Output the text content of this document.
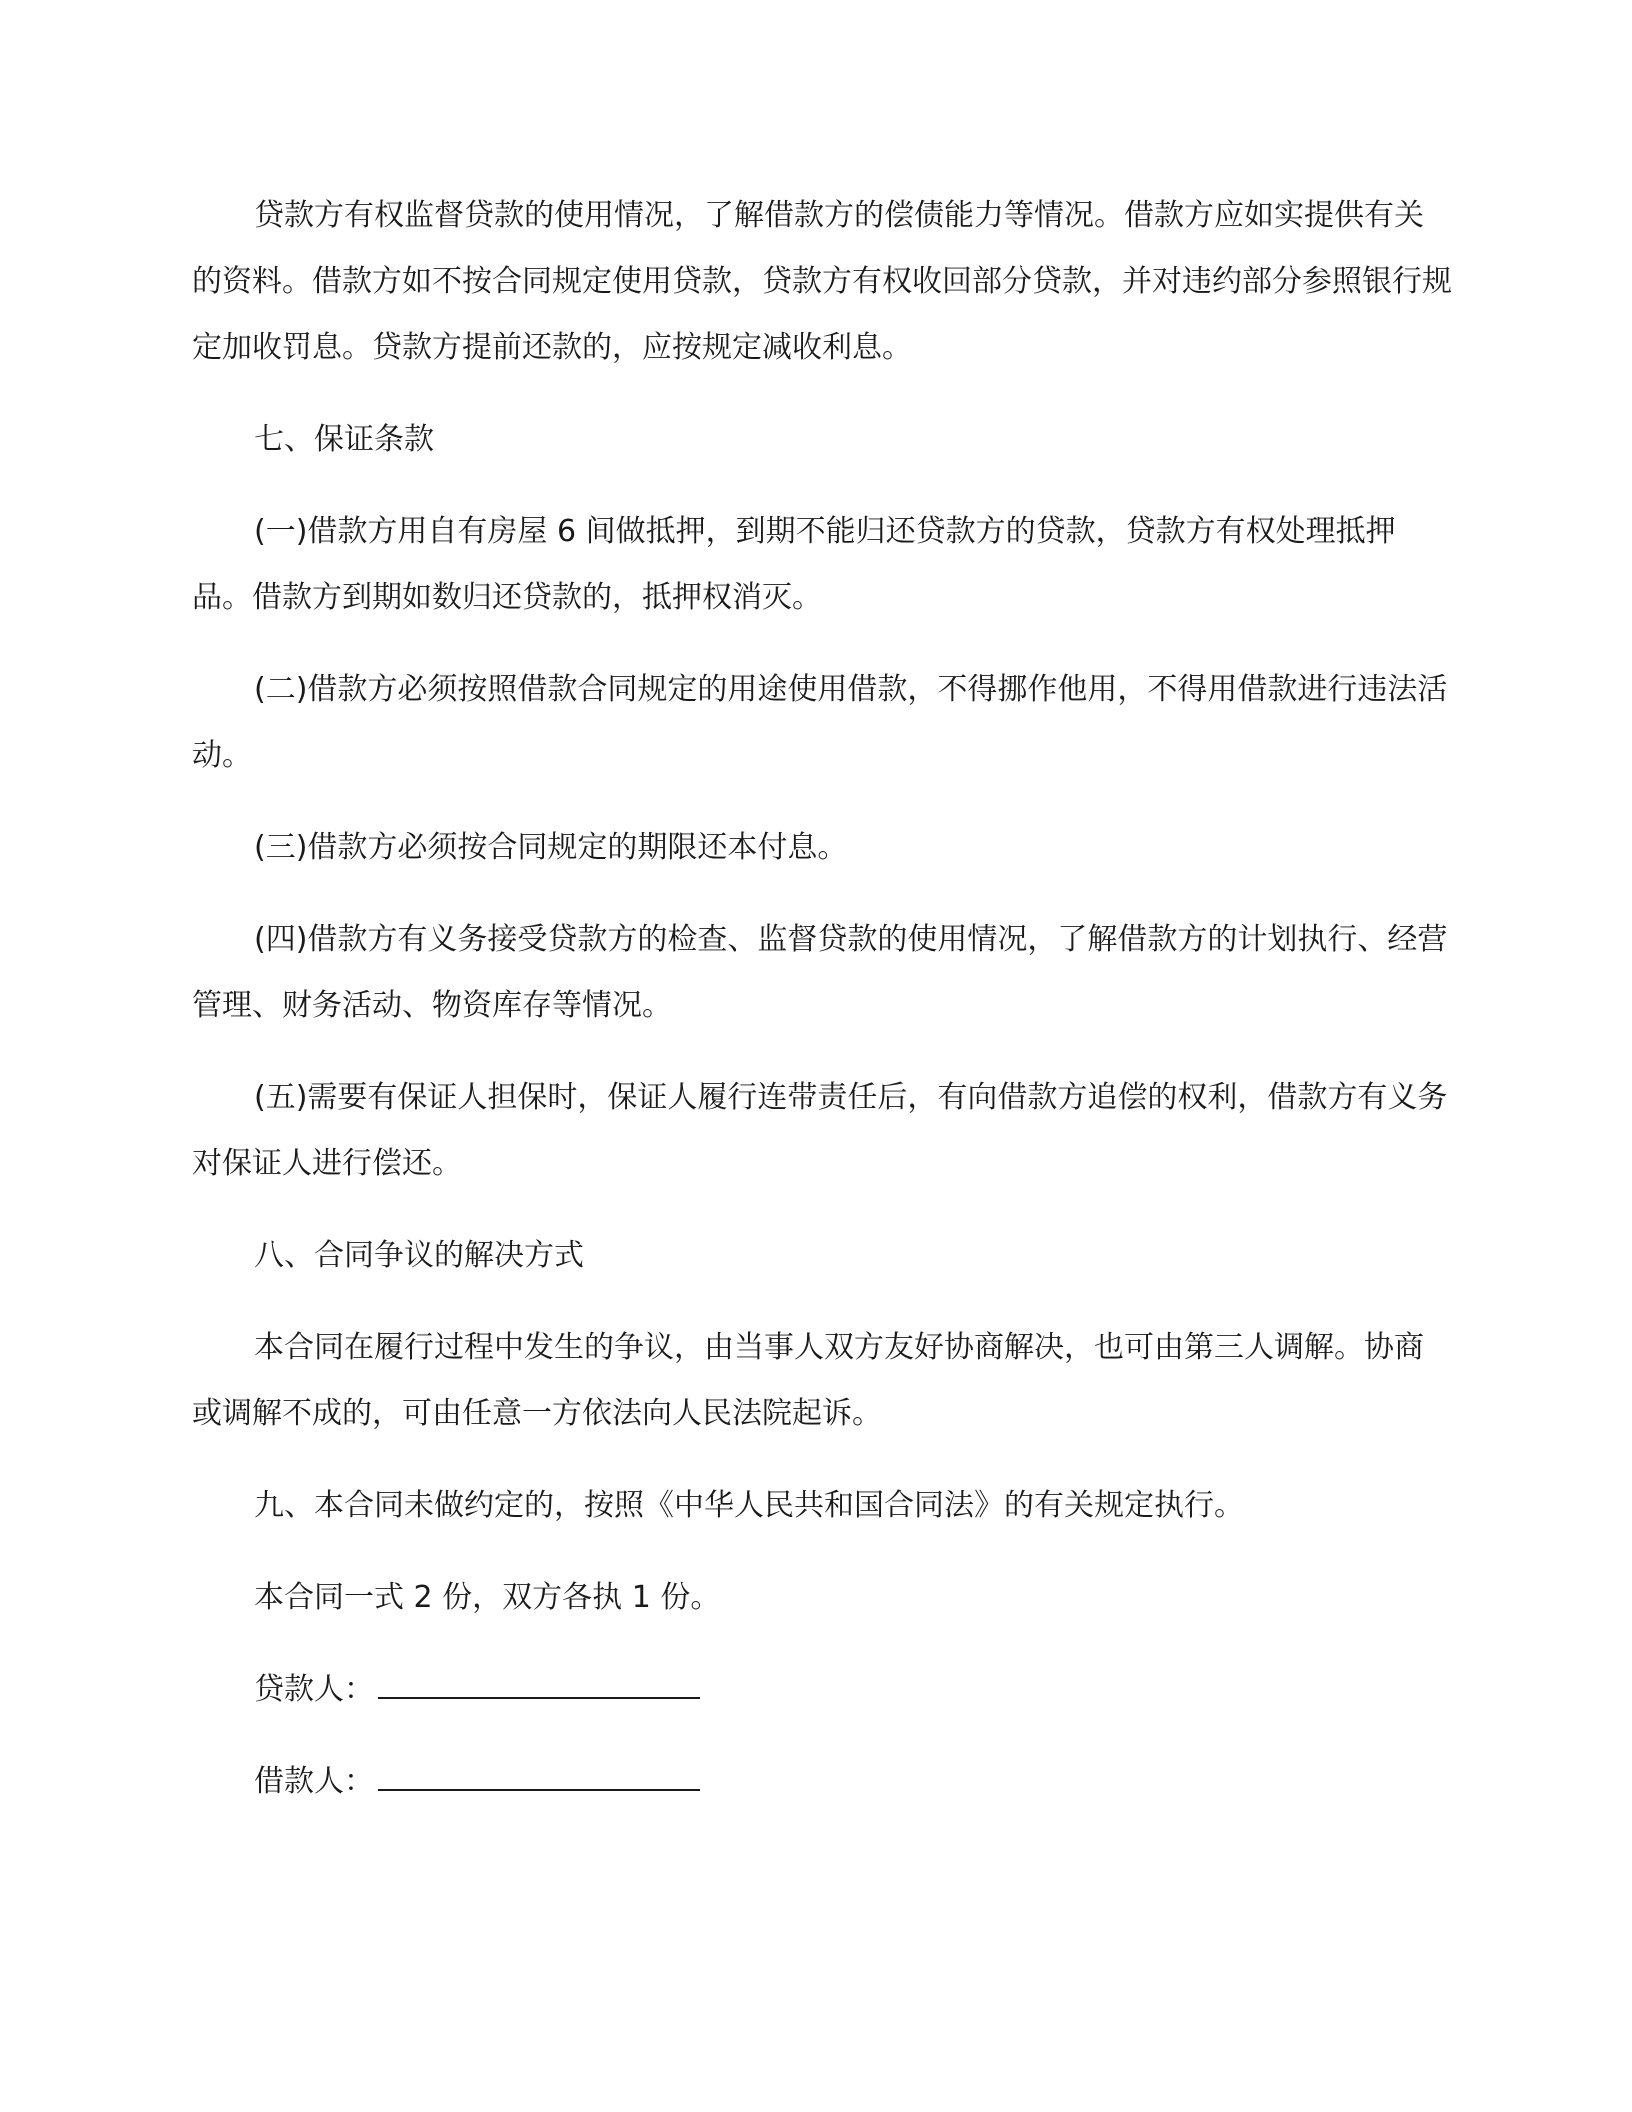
贷款方有权监督贷款的使用情况，了解借款方的偿债能力等情况。借款方应如实提供有关的资料。借款方如不按合同规定使用贷款，贷款方有权收回部分贷款，并对违约部分参照银行规定加收罚息。贷款方提前还款的，应按规定减收利息。

七、保证条款

(一)借款方用自有房屋 6 间做抵押，到期不能归还贷款方的贷款，贷款方有权处理抵押品。借款方到期如数归还贷款的，抵押权消灭。

(二)借款方必须按照借款合同规定的用途使用借款，不得挪作他用，不得用借款进行违法活动。

(三)借款方必须按合同规定的期限还本付息。

(四)借款方有义务接受贷款方的检查、监督贷款的使用情况，了解借款方的计划执行、经营管理、财务活动、物资库存等情况。

(五)需要有保证人担保时，保证人履行连带责任后，有向借款方追偿的权利，借款方有义务对保证人进行偿还。

八、合同争议的解决方式

本合同在履行过程中发生的争议，由当事人双方友好协商解决，也可由第三人调解。协商或调解不成的，可由任意一方依法向人民法院起诉。

九、本合同未做约定的，按照《中华人民共和国合同法》的有关规定执行。

本合同一式 2 份，双方各执 1 份。

贷款人：
借款人：
